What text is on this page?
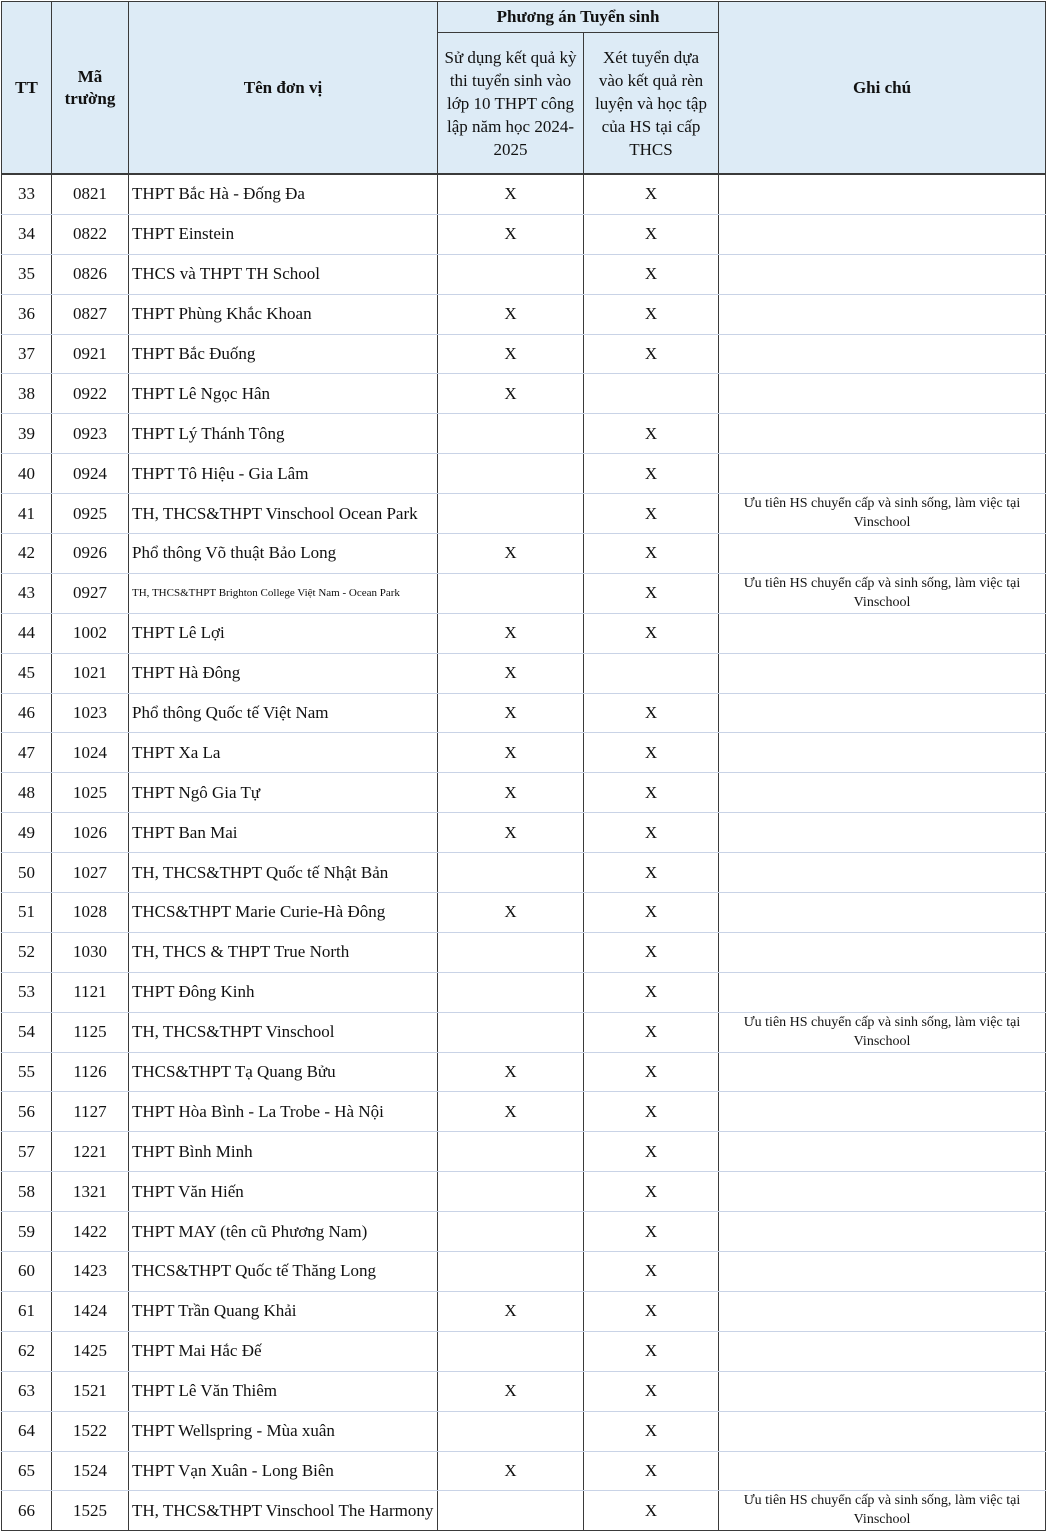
TT	Mã trường	Tên đơn vị	Phương án Tuyển sinh		Ghi chú
			Sử dụng kết quả kỳ thi tuyển sinh vào lớp 10 THPT công lập năm học 2024-2025	Xét tuyển dựa vào kết quả rèn luyện và học tập của HS tại cấp THCS	
33	0821	THPT Bắc Hà - Đống Đa	X	X	
34	0822	THPT Einstein	X	X	
35	0826	THCS và THPT TH School		X	
36	0827	THPT Phùng Khắc Khoan	X	X	
37	0921	THPT Bắc Đuống	X	X	
38	0922	THPT Lê Ngọc Hân	X		
39	0923	THPT Lý Thánh Tông		X	
40	0924	THPT Tô Hiệu - Gia Lâm		X	
41	0925	TH, THCS&THPT Vinschool Ocean Park		X	Ưu tiên HS chuyển cấp và sinh sống, làm việc tại Vinschool
42	0926	Phổ thông Võ thuật Bảo Long	X	X	
43	0927	TH, THCS&THPT Brighton College Việt Nam - Ocean Park		X	Ưu tiên HS chuyển cấp và sinh sống, làm việc tại Vinschool
44	1002	THPT Lê Lợi	X	X	
45	1021	THPT Hà Đông	X		
46	1023	Phổ thông Quốc tế Việt Nam	X	X	
47	1024	THPT Xa La	X	X	
48	1025	THPT Ngô Gia Tự	X	X	
49	1026	THPT Ban Mai	X	X	
50	1027	TH, THCS&THPT Quốc tế Nhật Bản		X	
51	1028	THCS&THPT Marie Curie-Hà Đông	X	X	
52	1030	TH, THCS & THPT True North		X	
53	1121	THPT Đông Kinh		X	
54	1125	TH, THCS&THPT Vinschool		X	Ưu tiên HS chuyển cấp và sinh sống, làm việc tại Vinschool
55	1126	THCS&THPT Tạ Quang Bửu	X	X	
56	1127	THPT Hòa Bình - La Trobe - Hà Nội	X	X	
57	1221	THPT Bình Minh		X	
58	1321	THPT Văn Hiến		X	
59	1422	THPT MAY (tên cũ Phương Nam)		X	
60	1423	THCS&THPT Quốc tế Thăng Long		X	
61	1424	THPT Trần Quang Khải	X	X	
62	1425	THPT Mai Hắc Đế		X	
63	1521	THPT Lê Văn Thiêm	X	X	
64	1522	THPT Wellspring - Mùa xuân		X	
65	1524	THPT Vạn Xuân - Long Biên	X	X	
66	1525	TH, THCS&THPT Vinschool The Harmony		X	Ưu tiên HS chuyển cấp và sinh sống, làm việc tại Vinschool
